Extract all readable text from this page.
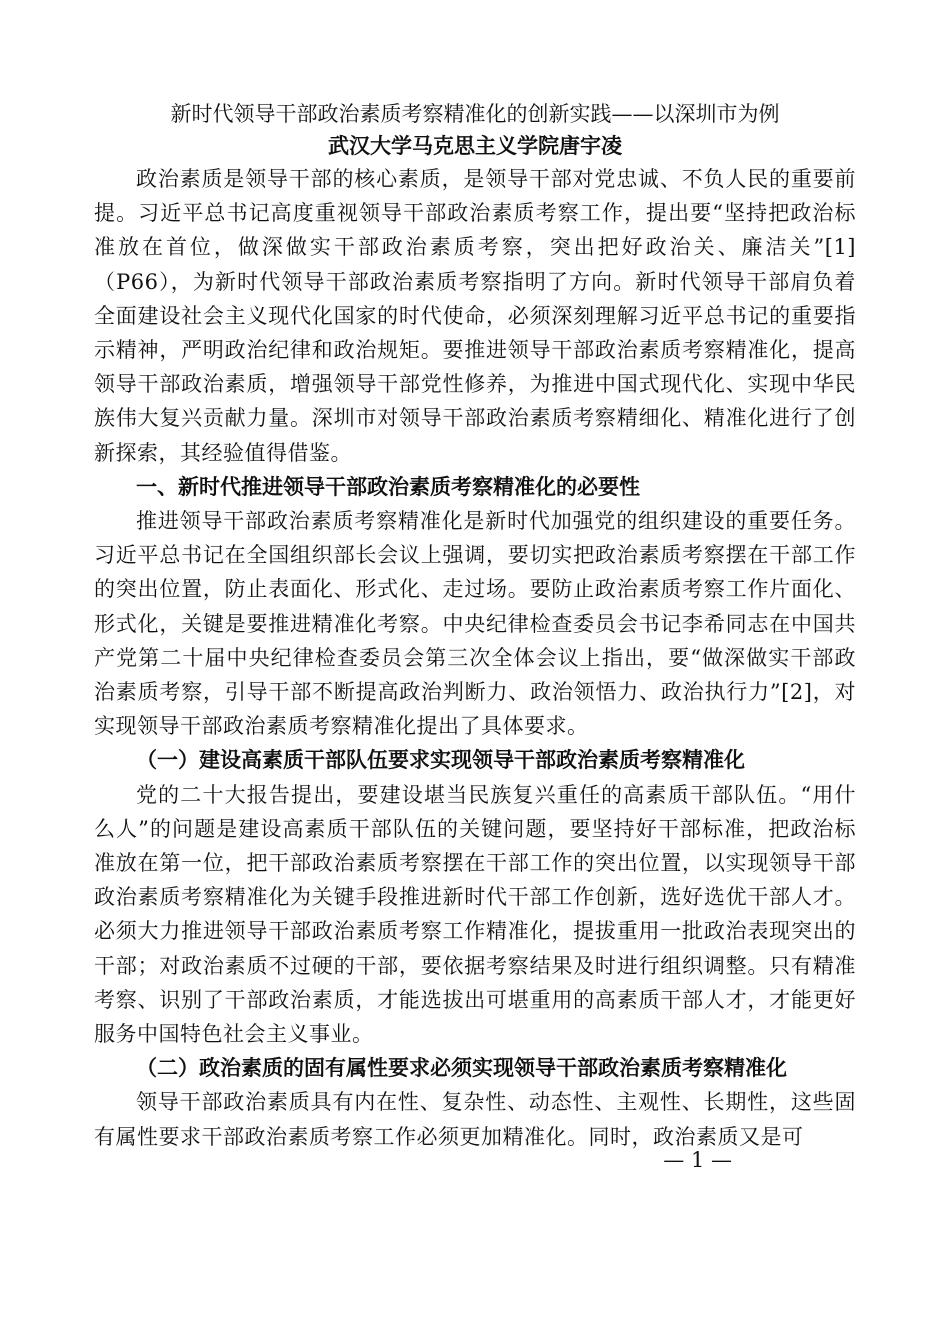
新时代领导干部政治素质考察精准化的创新实践——以深圳市为例
武汉大学马克思主义学院唐宇凌

政治素质是领导干部的核心素质，是领导干部对党忠诚、不负人民的重要前提。习近平总书记高度重视领导干部政治素质考察工作，提出要“坚持把政治标准放在首位，做深做实干部政治素质考察，突出把好政治关、廉洁关”[1]（P66），为新时代领导干部政治素质考察指明了方向。新时代领导干部肩负着全面建设社会主义现代化国家的时代使命，必须深刻理解习近平总书记的重要指示精神，严明政治纪律和政治规矩。要推进领导干部政治素质考察精准化，提高领导干部政治素质，增强领导干部党性修养，为推进中国式现代化、实现中华民族伟大复兴贡献力量。深圳市对领导干部政治素质考察精细化、精准化进行了创新探索，其经验值得借鉴。

一、新时代推进领导干部政治素质考察精准化的必要性

推进领导干部政治素质考察精准化是新时代加强党的组织建设的重要任务。习近平总书记在全国组织部长会议上强调，要切实把政治素质考察摆在干部工作的突出位置，防止表面化、形式化、走过场。要防止政治素质考察工作片面化、形式化，关键是要推进精准化考察。中央纪律检查委员会书记李希同志在中国共产党第二十届中央纪律检查委员会第三次全体会议上指出，要“做深做实干部政治素质考察，引导干部不断提高政治判断力、政治领悟力、政治执行力”[2]，对实现领导干部政治素质考察精准化提出了具体要求。

（一）建设高素质干部队伍要求实现领导干部政治素质考察精准化

党的二十大报告提出，要建设堪当民族复兴重任的高素质干部队伍。“用什么人”的问题是建设高素质干部队伍的关键问题，要坚持好干部标准，把政治标准放在第一位，把干部政治素质考察摆在干部工作的突出位置，以实现领导干部政治素质考察精准化为关键手段推进新时代干部工作创新，选好选优干部人才。必须大力推进领导干部政治素质考察工作精准化，提拔重用一批政治表现突出的干部；对政治素质不过硬的干部，要依据考察结果及时进行组织调整。只有精准考察、识别了干部政治素质，才能选拔出可堪重用的高素质干部人才，才能更好服务中国特色社会主义事业。

（二）政治素质的固有属性要求必须实现领导干部政治素质考察精准化

领导干部政治素质具有内在性、复杂性、动态性、主观性、长期性，这些固有属性要求干部政治素质考察工作必须更加精准化。同时，政治素质又是可

— 1 —
